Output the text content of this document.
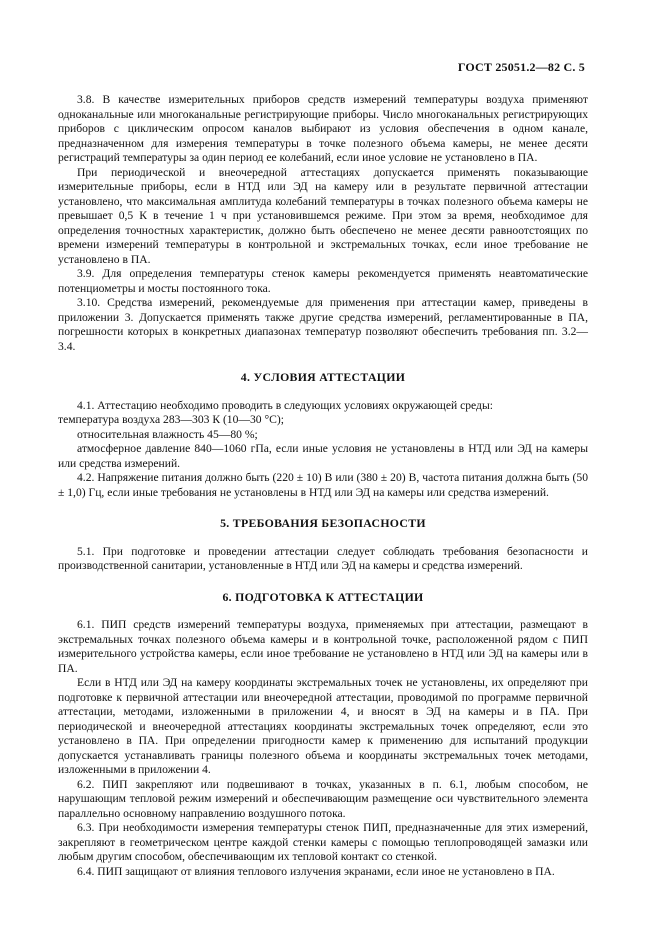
ГОСТ 25051.2—82 С. 5

3.8. В качестве измерительных приборов средств измерений температуры воздуха применяют одноканальные или многоканальные регистрирующие приборы. Число многоканальных регистрирующих приборов с циклическим опросом каналов выбирают из условия обеспечения в одном канале, предназначенном для измерения температуры в точке полезного объема камеры, не менее десяти регистраций температуры за один период ее колебаний, если иное условие не установлено в ПА.

При периодической и внеочередной аттестациях допускается применять показывающие измерительные приборы, если в НТД или ЭД на камеру или в результате первичной аттестации установлено, что максимальная амплитуда колебаний температуры в точках полезного объема камеры не превышает 0,5 К в течение 1 ч при установившемся режиме. При этом за время, необходимое для определения точностных характеристик, должно быть обеспечено не менее десяти равноотстоящих по времени измерений температуры в контрольной и экстремальных точках, если иное требование не установлено в ПА.

3.9. Для определения температуры стенок камеры рекомендуется применять неавтоматические потенциометры и мосты постоянного тока.

3.10. Средства измерений, рекомендуемые для применения при аттестации камер, приведены в приложении 3. Допускается применять также другие средства измерений, регламентированные в ПА, погрешности которых в конкретных диапазонах температур позволяют обеспечить требования пп. 3.2—3.4.

4. УСЛОВИЯ АТТЕСТАЦИИ

4.1. Аттестацию необходимо проводить в следующих условиях окружающей среды:

температура воздуха 283—303 К (10—30 °С);

относительная влажность 45—80 %;

атмосферное давление 840—1060 гПа, если иные условия не установлены в НТД или ЭД на камеры или средства измерений.

4.2. Напряжение питания должно быть (220 ± 10) В или (380 ± 20) В, частота питания должна быть (50 ± 1,0) Гц, если иные требования не установлены в НТД или ЭД на камеры или средства измерений.

5. ТРЕБОВАНИЯ БЕЗОПАСНОСТИ

5.1. При подготовке и проведении аттестации следует соблюдать требования безопасности и производственной санитарии, установленные в НТД или ЭД на камеры и средства измерений.

6. ПОДГОТОВКА К АТТЕСТАЦИИ

6.1. ПИП средств измерений температуры воздуха, применяемых при аттестации, размещают в экстремальных точках полезного объема камеры и в контрольной точке, расположенной рядом с ПИП измерительного устройства камеры, если иное требование не установлено в НТД или ЭД на камеры или в ПА.

Если в НТД или ЭД на камеру координаты экстремальных точек не установлены, их определяют при подготовке к первичной аттестации или внеочередной аттестации, проводимой по программе первичной аттестации, методами, изложенными в приложении 4, и вносят в ЭД на камеры и в ПА. При периодической и внеочередной аттестациях координаты экстремальных точек определяют, если это установлено в ПА. При определении пригодности камер к применению для испытаний продукции допускается устанавливать границы полезного объема и координаты экстремальных точек методами, изложенными в приложении 4.

6.2. ПИП закрепляют или подвешивают в точках, указанных в п. 6.1, любым способом, не нарушающим тепловой режим измерений и обеспечивающим размещение оси чувствительного элемента параллельно основному направлению воздушного потока.

6.3. При необходимости измерения температуры стенок ПИП, предназначенные для этих измерений, закрепляют в геометрическом центре каждой стенки камеры с помощью теплопроводящей замазки или любым другим способом, обеспечивающим их тепловой контакт со стенкой.

6.4. ПИП защищают от влияния теплового излучения экранами, если иное не установлено в ПА.
